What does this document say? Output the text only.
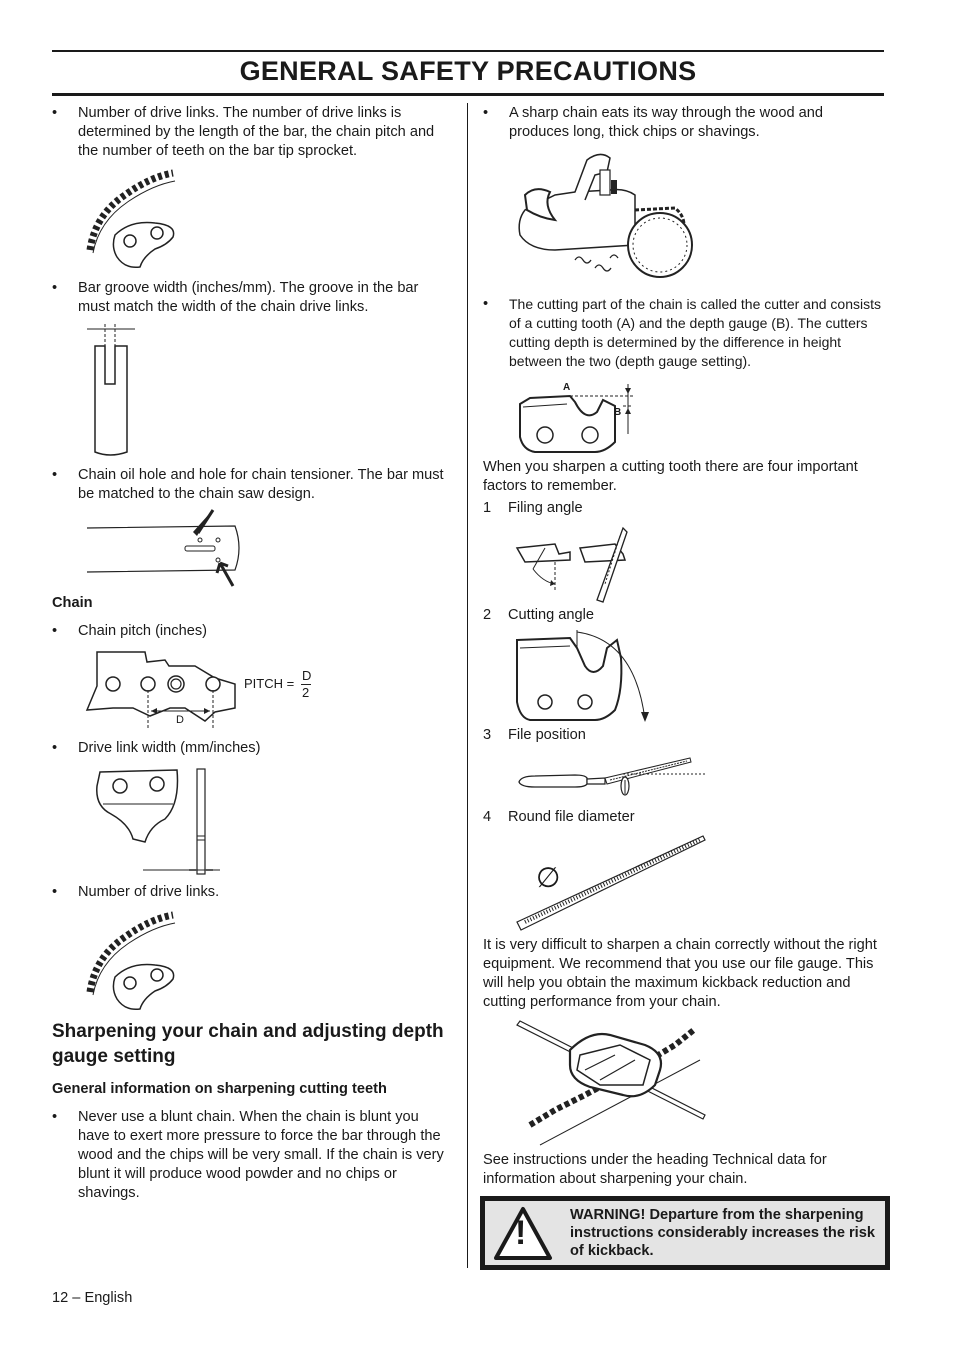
GENERAL SAFETY PRECAUTIONS
• Number of drive links. The number of drive links is determined by the length of the bar, the chain pitch and the number of teeth on the bar tip sprocket.
• Bar groove width (inches/mm). The groove in the bar must match the width of the chain drive links.
• Chain oil hole and hole for chain tensioner. The bar must be matched to the chain saw design.
Chain
• Chain pitch (inches)
D
PITCH =
D
2
• Drive link width (mm/inches)
• Number of drive links.
Sharpening your chain and adjusting depth gauge setting
General information on sharpening cutting teeth
• Never use a blunt chain. When the chain is blunt you have to exert more pressure to force the bar through the wood and the chips will be very small. If the chain is very blunt it will produce wood powder and no chips or shavings.
• A sharp chain eats its way through the wood and produces long, thick chips or shavings.
• The cutting part of the chain is called the cutter and consists of a cutting tooth (A) and the depth gauge (B). The cutters cutting depth is determined by the difference in height between the two (depth gauge setting).
A
B
When you sharpen a cutting tooth there are four important factors to remember.
1 Filing angle
2 Cutting angle
3 File position
4 Round file diameter
∅
It is very difficult to sharpen a chain correctly without the right equipment. We recommend that you use our file gauge. This will help you obtain the maximum kickback reduction and cutting performance from your chain.
See instructions under the heading Technical data for information about sharpening your chain.
!	WARNING! Departure from the sharpening instructions considerably increases the risk of kickback.
12 – English
